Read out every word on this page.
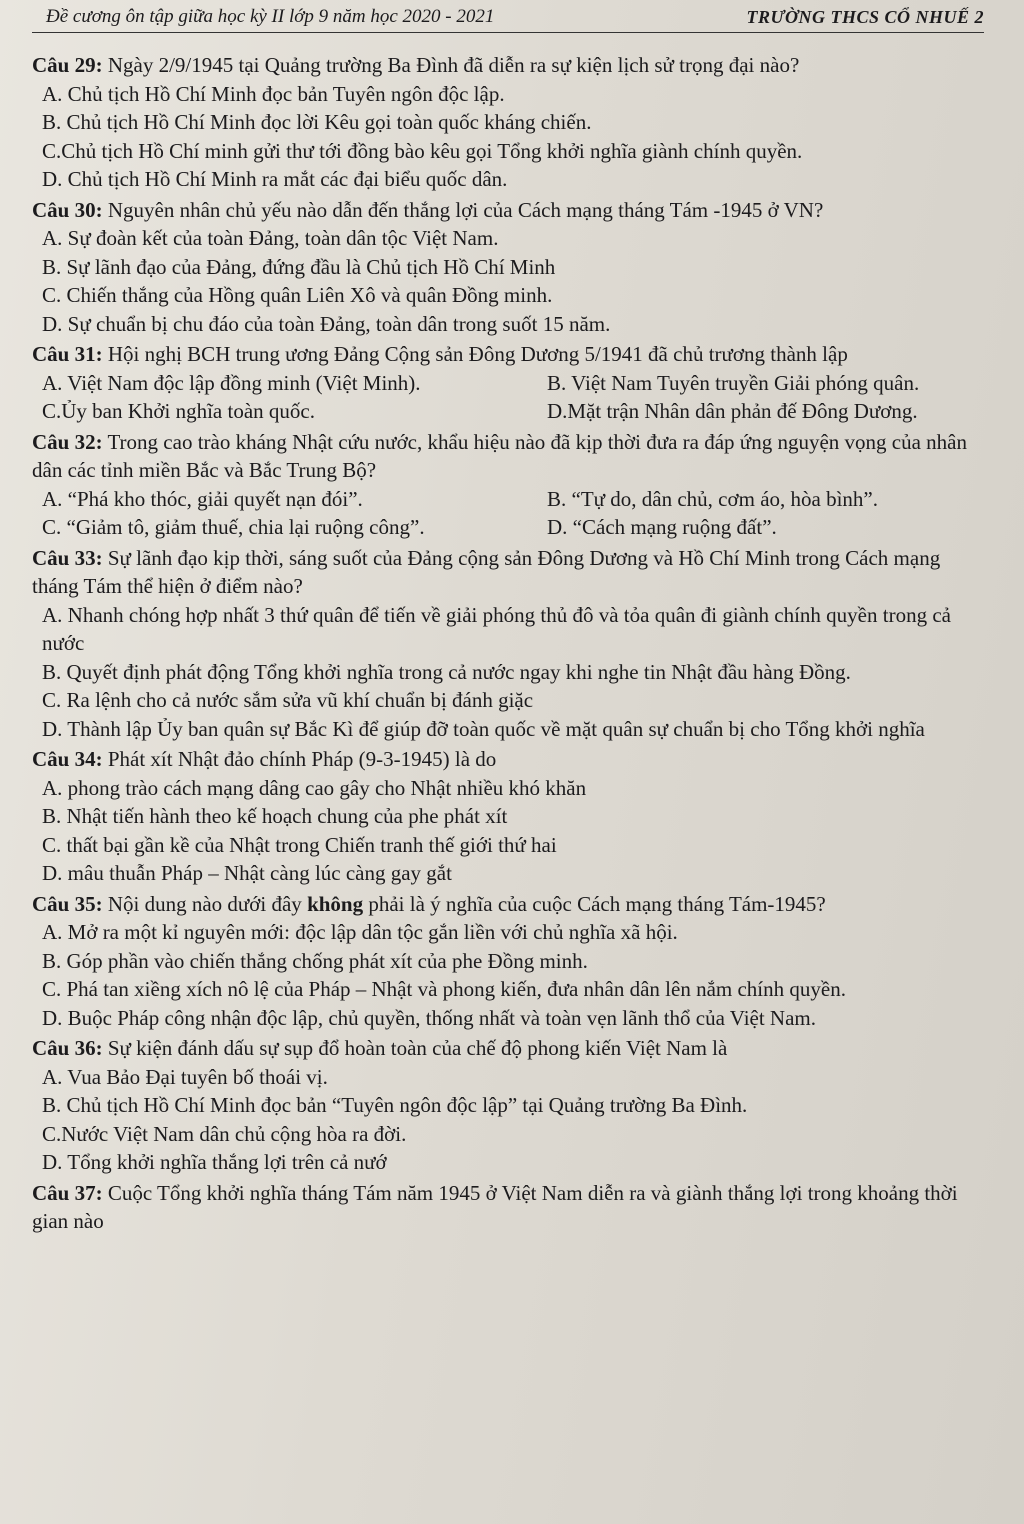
Đề cương ôn tập giữa học kỳ II lớp 9 năm học 2020 - 2021	TRƯỜNG THCS CỔ NHUẾ 2
Câu 29: Ngày 2/9/1945 tại Quảng trường Ba Đình đã diễn ra sự kiện lịch sử trọng đại nào?
A. Chủ tịch Hồ Chí Minh đọc bản Tuyên ngôn độc lập.
B. Chủ tịch Hồ Chí Minh đọc lời Kêu gọi toàn quốc kháng chiến.
C.Chủ tịch Hồ Chí minh gửi thư tới đồng bào kêu gọi Tổng khởi nghĩa giành chính quyền.
D. Chủ tịch Hồ Chí Minh ra mắt các đại biểu quốc dân.
Câu 30: Nguyên nhân chủ yếu nào dẫn đến thắng lợi của Cách mạng tháng Tám -1945 ở VN?
A. Sự đoàn kết của toàn Đảng, toàn dân tộc Việt Nam.
B. Sự lãnh đạo của Đảng, đứng đầu là Chủ tịch Hồ Chí Minh
C. Chiến thắng của Hồng quân Liên Xô và quân Đồng minh.
D. Sự chuẩn bị chu đáo của toàn Đảng, toàn dân trong suốt 15 năm.
Câu 31: Hội nghị BCH trung ương Đảng Cộng sản Đông Dương 5/1941 đã chủ trương thành lập
A. Việt Nam độc lập đồng minh (Việt Minh).	B. Việt Nam Tuyên truyền Giải phóng quân.
C.Ủy ban Khởi nghĩa toàn quốc.	D.Mặt trận Nhân dân phản đế Đông Dương.
Câu 32: Trong cao trào kháng Nhật cứu nước, khẩu hiệu nào đã kịp thời đưa ra đáp ứng nguyện vọng của nhân dân các tỉnh miền Bắc và Bắc Trung Bộ?
A. “Phá kho thóc, giải quyết nạn đói”.	B. “Tự do, dân chủ, cơm áo, hòa bình”.
C. “Giảm tô, giảm thuế, chia lại ruộng công”.	D. “Cách mạng ruộng đất”.
Câu 33: Sự lãnh đạo kịp thời, sáng suốt của Đảng cộng sản Đông Dương và Hồ Chí Minh trong Cách mạng tháng Tám thể hiện ở điểm nào?
A. Nhanh chóng hợp nhất 3 thứ quân để tiến về giải phóng thủ đô và tỏa quân đi giành chính quyền trong cả nước
B. Quyết định phát động Tổng khởi nghĩa trong cả nước ngay khi nghe tin Nhật đầu hàng Đồng.
C. Ra lệnh cho cả nước sắm sửa vũ khí chuẩn bị đánh giặc
D. Thành lập Ủy ban quân sự Bắc Kì để giúp đỡ toàn quốc về mặt quân sự chuẩn bị cho Tổng khởi nghĩa
Câu 34: Phát xít Nhật đảo chính Pháp (9-3-1945) là do
A. phong trào cách mạng dâng cao gây cho Nhật nhiều khó khăn
B. Nhật tiến hành theo kế hoạch chung của phe phát xít
C. thất bại gần kề của Nhật trong Chiến tranh thế giới thứ hai
D. mâu thuẫn Pháp – Nhật càng lúc càng gay gắt
Câu 35: Nội dung nào dưới đây không phải là ý nghĩa của cuộc Cách mạng tháng Tám-1945?
A. Mở ra một kỉ nguyên mới: độc lập dân tộc gắn liền với chủ nghĩa xã hội.
B. Góp phần vào chiến thắng chống phát xít của phe Đồng minh.
C. Phá tan xiềng xích nô lệ của Pháp – Nhật và phong kiến, đưa nhân dân lên nắm chính quyền.
D. Buộc Pháp công nhận độc lập, chủ quyền, thống nhất và toàn vẹn lãnh thổ của Việt Nam.
Câu 36: Sự kiện đánh dấu sự sụp đổ hoàn toàn của chế độ phong kiến Việt Nam là
A. Vua Bảo Đại tuyên bố thoái vị.
B. Chủ tịch Hồ Chí Minh đọc bản “Tuyên ngôn độc lập” tại Quảng trường Ba Đình.
C.Nước Việt Nam dân chủ cộng hòa ra đời.
D. Tổng khởi nghĩa thắng lợi trên cả nướ
Câu 37: Cuộc Tổng khởi nghĩa tháng Tám năm 1945 ở Việt Nam diễn ra và giành thắng lợi trong khoảng thời gian nào
